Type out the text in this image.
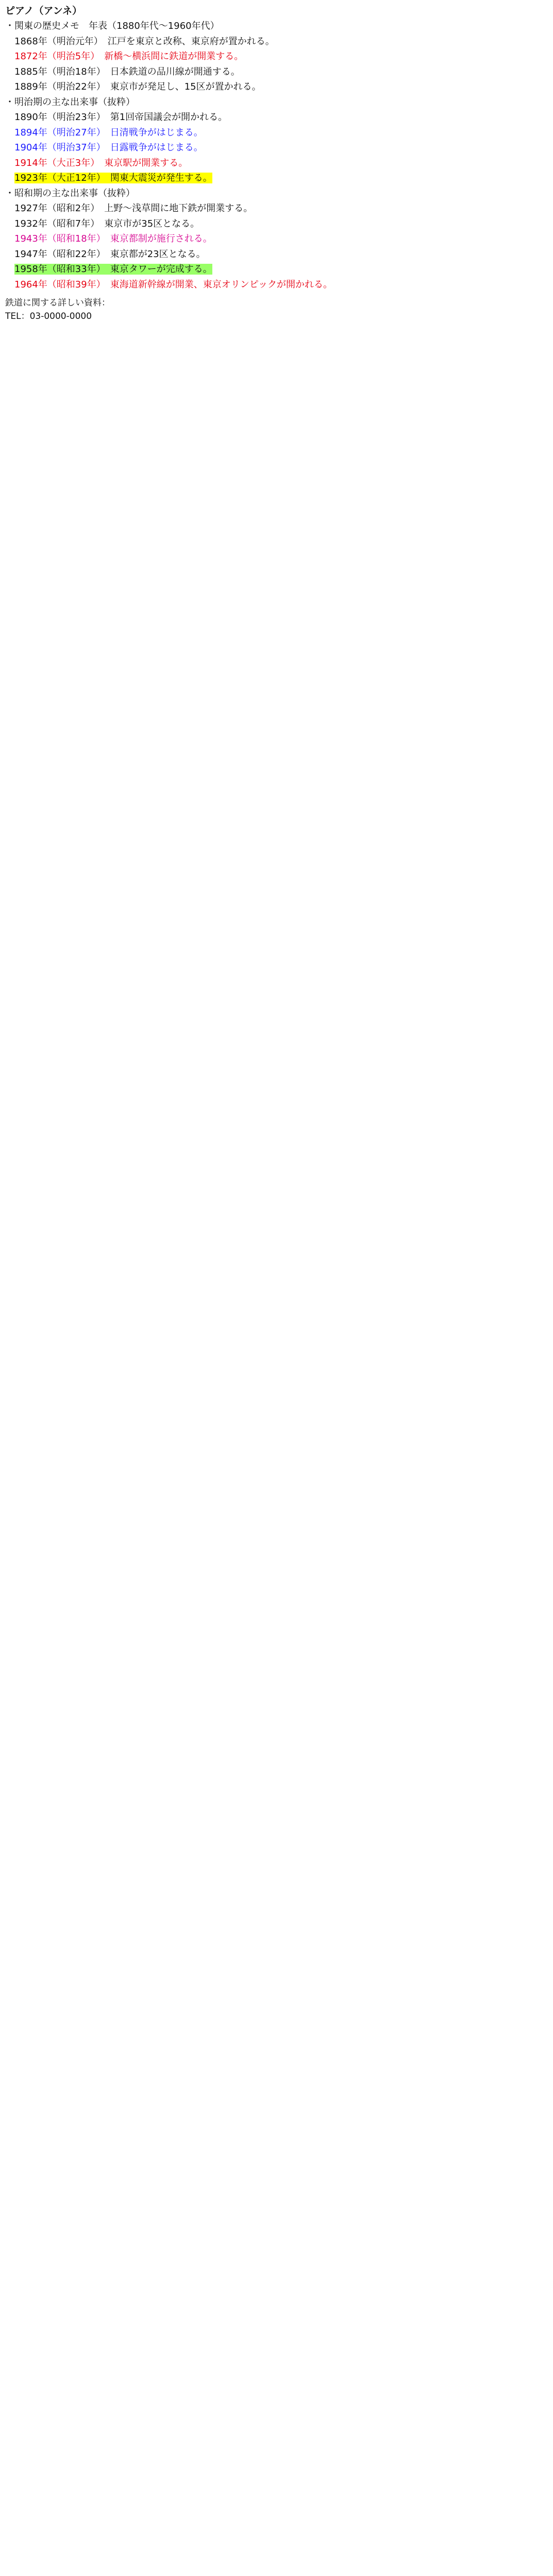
ピアノ（アンネ）
・関東の歴史メモ　年表（1880年代〜1960年代）
1868年（明治元年）　江戸を東京と改称、東京府が置かれる。
1872年（明治5年）　新橋〜横浜間に鉄道が開業する。
1885年（明治18年）　日本鉄道の品川線が開通する。
1889年（明治22年）　東京市が発足し、15区が置かれる。
・明治期の主な出来事（抜粋）
1890年（明治23年）　第1回帝国議会が開かれる。
1894年（明治27年）　日清戦争がはじまる。
1904年（明治37年）　日露戦争がはじまる。
1914年（大正3年）　東京駅が開業する。
1923年（大正12年）　関東大震災が発生する。
・昭和期の主な出来事（抜粋）
1927年（昭和2年）　上野〜浅草間に地下鉄が開業する。
1932年（昭和7年）　東京市が35区となる。
1943年（昭和18年）　東京都制が施行される。
1947年（昭和22年）　東京都が23区となる。
1958年（昭和33年）　東京タワーが完成する。
1964年（昭和39年）　東海道新幹線が開業、東京オリンピックが開かれる。
鉄道に関する詳しい資料：
TEL：03-0000-0000
